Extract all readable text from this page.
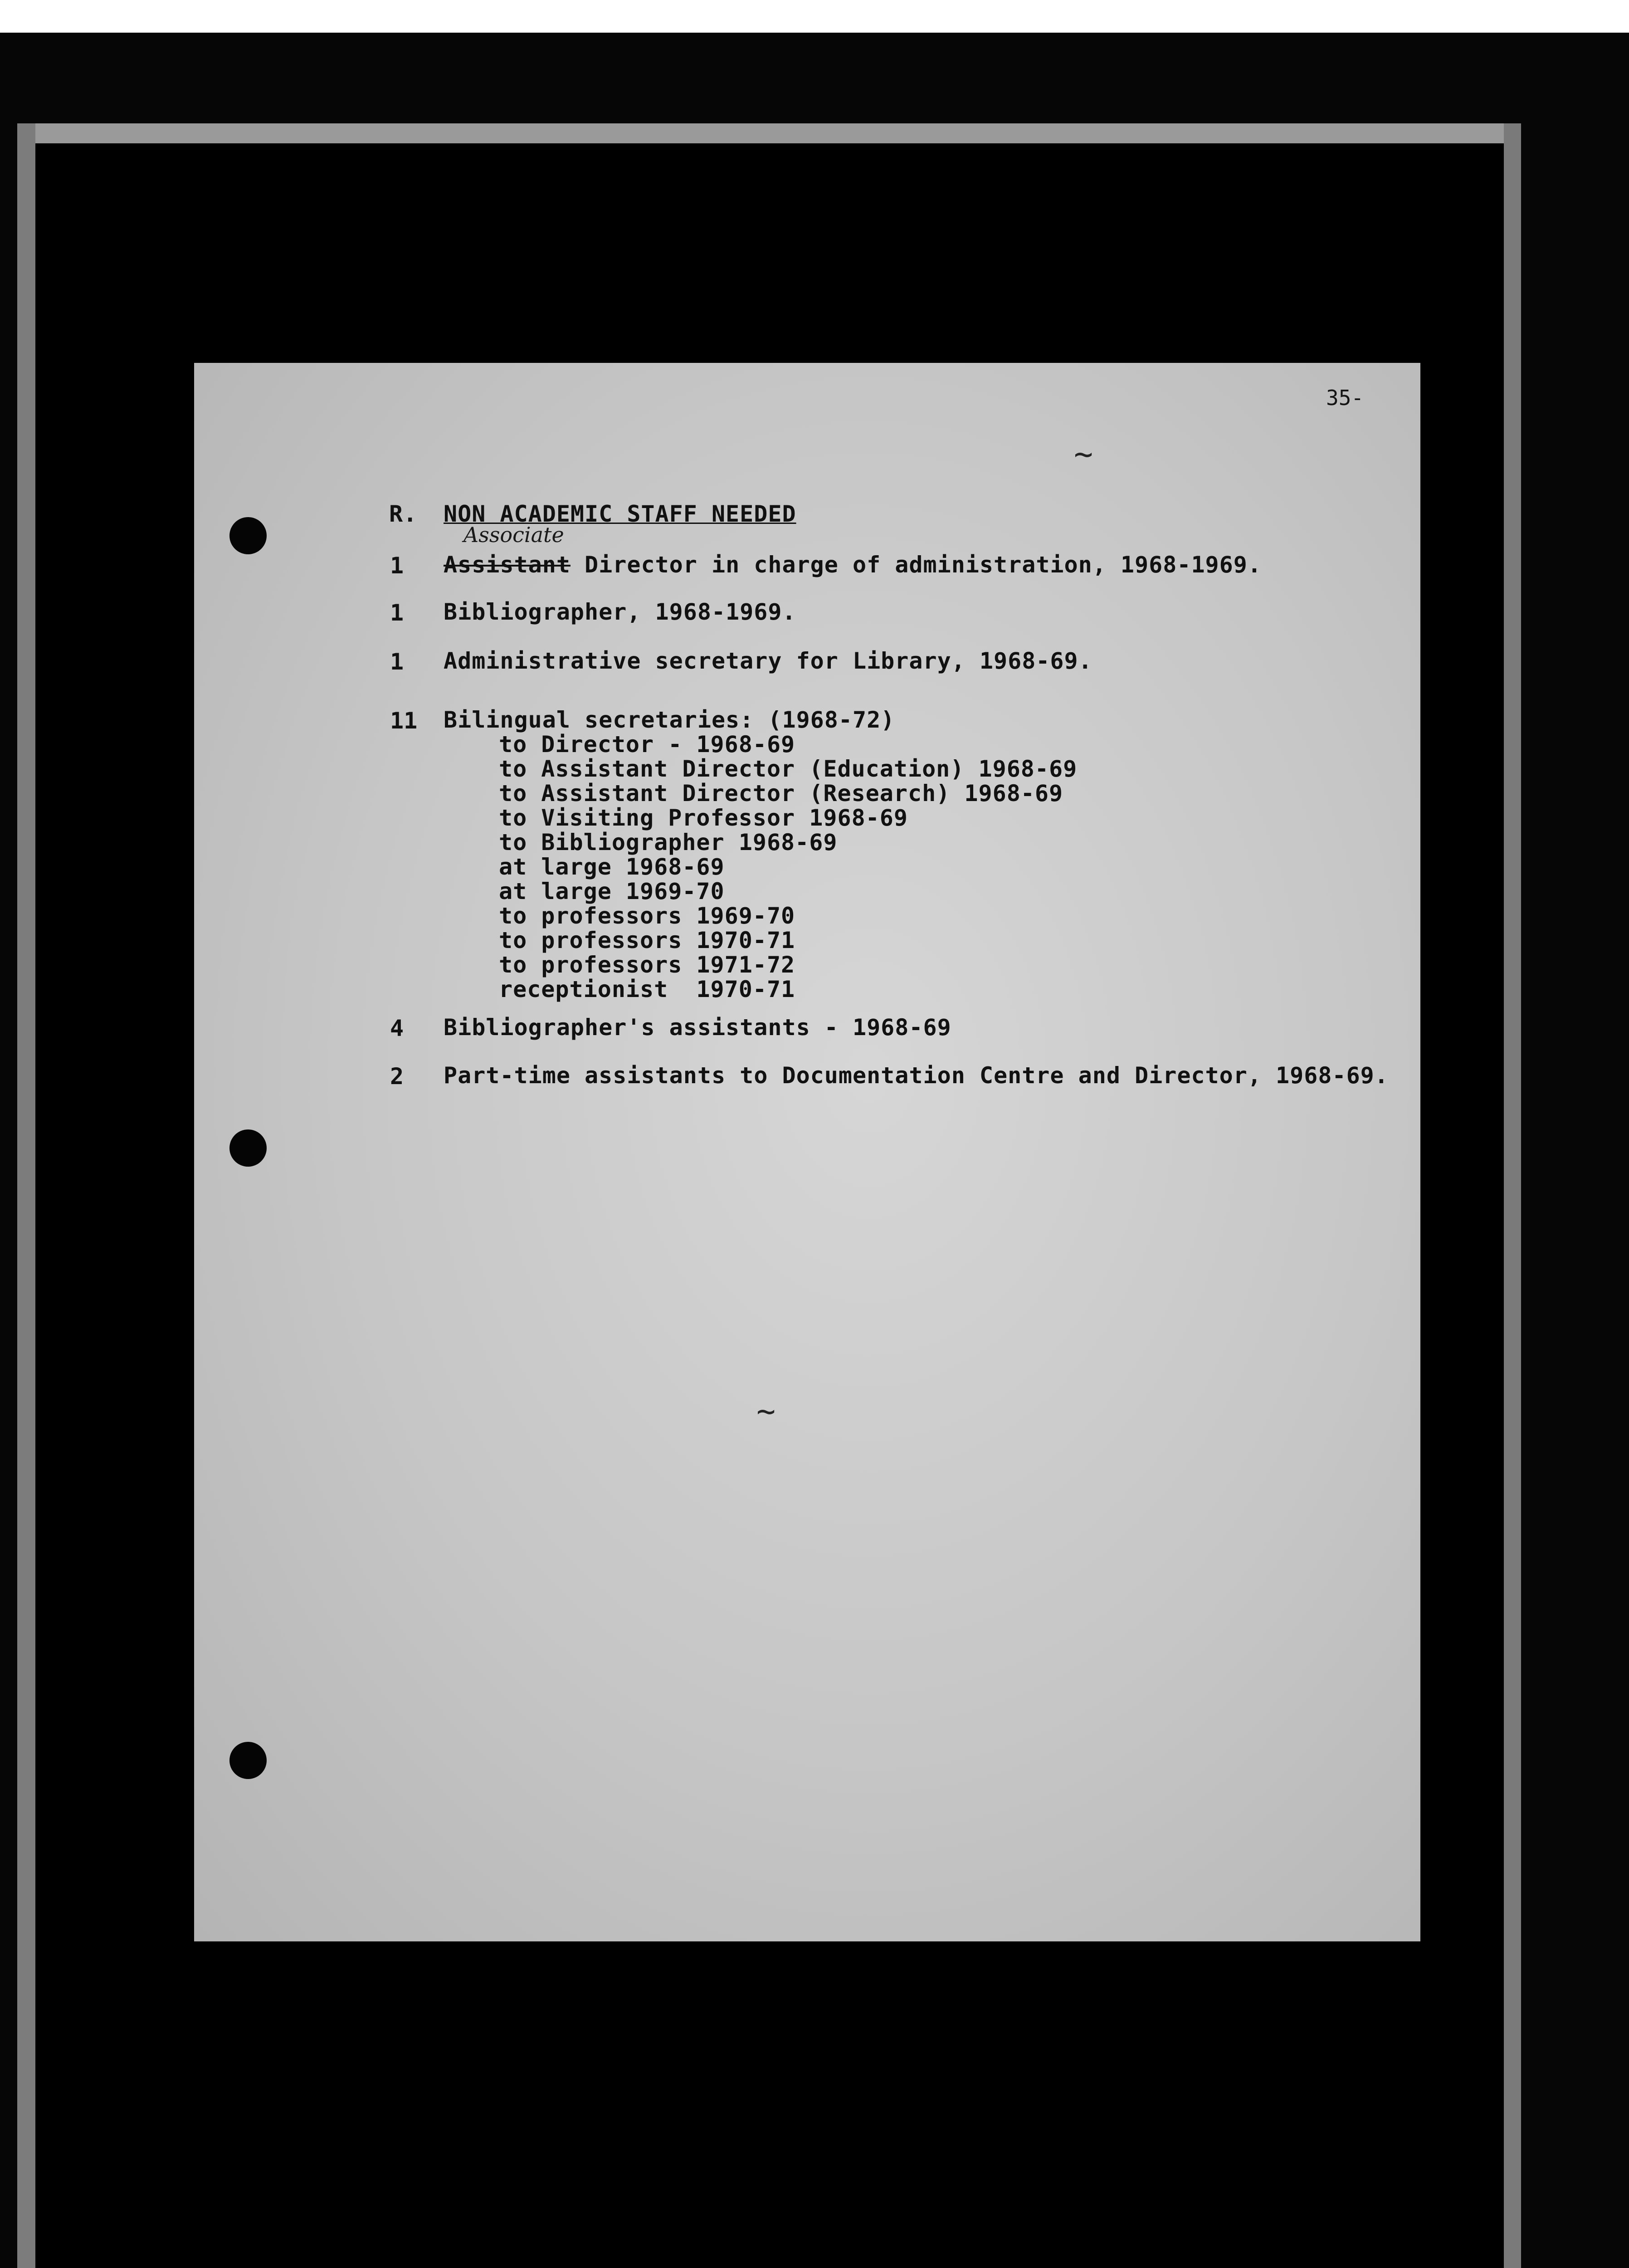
35-
~
~
R. NON ACADEMIC STAFF NEEDED
Associate
1 Assistant Director in charge of administration, 1968-1969.
1 Bibliographer, 1968-1969.
1 Administrative secretary for Library, 1968-69.
11 Bilingual secretaries: (1968-72)
to Director - 1968-69
to Assistant Director (Education) 1968-69
to Assistant Director (Research) 1968-69
to Visiting Professor 1968-69
to Bibliographer 1968-69
at large 1968-69
at large 1969-70
to professors 1969-70
to professors 1970-71
to professors 1971-72
receptionist  1970-71
4 Bibliographer's assistants - 1968-69
2 Part-time assistants to Documentation Centre and Director, 1968-69.
